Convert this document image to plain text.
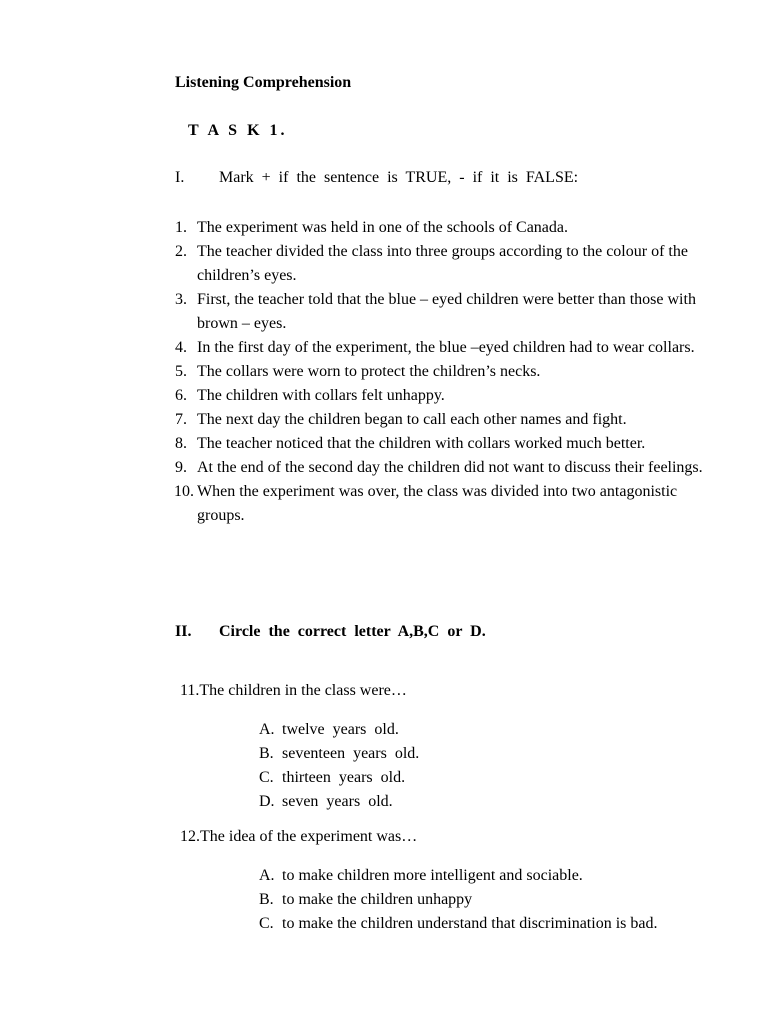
Listening Comprehension
T A S K 1.
I. Mark + if the sentence is TRUE, - if it is FALSE:
1. The experiment was held in one of the schools of Canada.
2. The teacher divided the class into three groups according to the colour of the children’s eyes.
3. First, the teacher told that the blue – eyed children were better than those with brown – eyes.
4. In the first day of the experiment, the blue –eyed children had to wear collars.
5. The collars were worn to protect the children’s necks.
6. The children with collars felt unhappy.
7. The next day the children began to call each other names and fight.
8. The teacher noticed that the children with collars worked much better.
9. At the end of the second day the children did not want to discuss their feelings.
10. When the experiment was over, the class was divided into two antagonistic groups.
II. Circle the correct letter A,B,C or D.
11.The children in the class were…
A. twelve years old.
B. seventeen years old.
C. thirteen years old.
D. seven years old.
12.The idea of the experiment was…
A. to make children more intelligent and sociable.
B. to make the children unhappy
C. to make the children understand that discrimination is bad.
